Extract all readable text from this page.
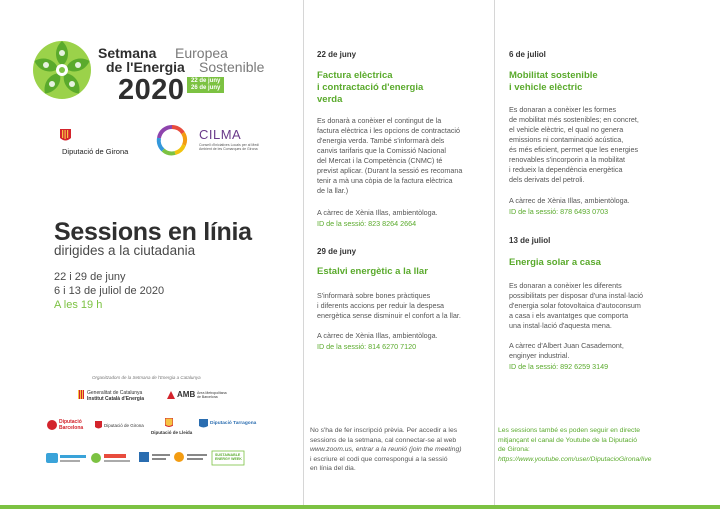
Setmana Europea
de l'Energia Sostenible
2020 22 de juny
26 de juny
Diputació de Girona
CILMA
Consell d'Iniciatives Locals per al Medi Ambient de les Comarques de Girona
Sessions en línia
dirigides a la ciutadania
22 i 29 de juny
6 i 13 de juliol de 2020
A les 19 h
Organitzadors de la Setmana de l'Energia a Catalunya
Generalitat de Catalunya
Institut Català d'Energia	AMB Àrea Metropolitana de Barcelona
Diputació Barcelona	Diputació de Girona
Diputació de Lleida
Diputació Tarragona
SUSTAINABLE ENERGY WEEK
22 de juny
Factura elèctrica
i contractació d'energia
verda
Es donarà a conèixer el contingut de la
factura elèctrica i les opcions de contractació
d'energia verda. També s'informarà dels
canvis tarifaris que la Comissió Nacional
del Mercat i la Competència (CNMC) té
previst aplicar. (Durant la sessió es recomana
tenir a mà una còpia de la factura elèctrica
de la llar.)
A càrrec de Xènia Illas, ambientòloga.
ID de la sessió: 823 8264 2664
29 de juny
Estalvi energètic a la llar
S'informarà sobre bones pràctiques
i diferents accions per reduir la despesa
energètica sense disminuir el confort a la llar.
A càrrec de Xènia Illas, ambientòloga.
ID de la sessió: 814 6270 7120
6 de juliol
Mobilitat sostenible
i vehicle elèctric
Es donaran a conèixer les formes
de mobilitat més sostenibles; en concret,
el vehicle elèctric, el qual no genera
emissions ni contaminació acústica,
és més eficient, permet que les energies
renovables s'incorporin a la mobilitat
i redueix la dependència energètica
dels derivats del petroli.
A càrrec de Xènia Illas, ambientòloga.
ID de la sessió: 878 6493 0703
13 de juliol
Energia solar a casa
Es donaran a conèixer les diferents
possibilitats per disposar d'una instal·lació
d'energia solar fotovoltaica d'autoconsum
a casa i els avantatges que comporta
una instal·lació d'aquesta mena.
A càrrec d'Albert Juan Casademont,
enginyer industrial.
ID de la sessió: 892 6259 3149
No s'ha de fer inscripció prèvia. Per accedir a les
sessions de la setmana, cal connectar-se al web
www.zoom.us, entrar a la reunió (join the meeting)
i escriure el codi que correspongui a la sessió
en línia del dia.
Les sessions també es poden seguir en directe
mitjançant el canal de Youtube de la Diputació
de Girona:
https://www.youtube.com/user/DiputacioGirona/live
